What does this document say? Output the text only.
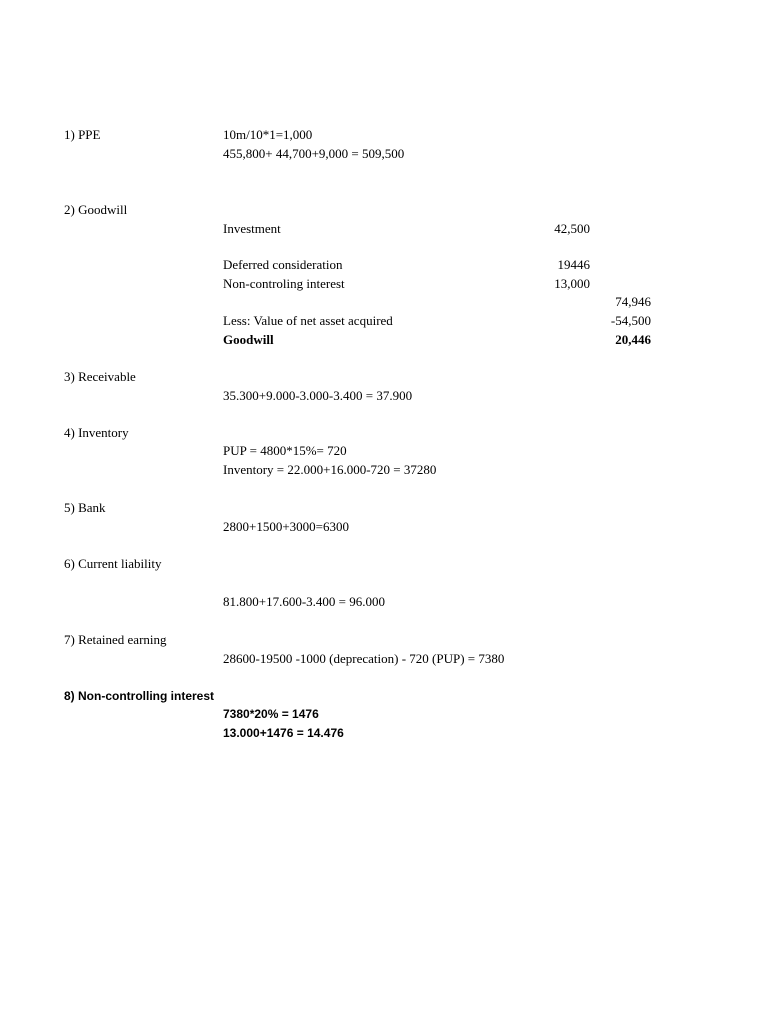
1) PPE	10m/10*1=1,000
455,800+ 44,700+9,000 = 509,500
2) Goodwill
Investment	42,500
Deferred consideration	19446
Non-controling interest	13,000
74,946
Less: Value of net asset acquired	-54,500
Goodwill	20,446
3) Receivable
35.300+9.000-3.000-3.400 = 37.900
4) Inventory
PUP = 4800*15%= 720
Inventory = 22.000+16.000-720 = 37280
5) Bank
2800+1500+3000=6300
6) Current liability
81.800+17.600-3.400 = 96.000
7) Retained earning
28600-19500 -1000 (deprecation) - 720 (PUP) = 7380
8) Non-controlling interest
7380*20% = 1476
13.000+1476 = 14.476
